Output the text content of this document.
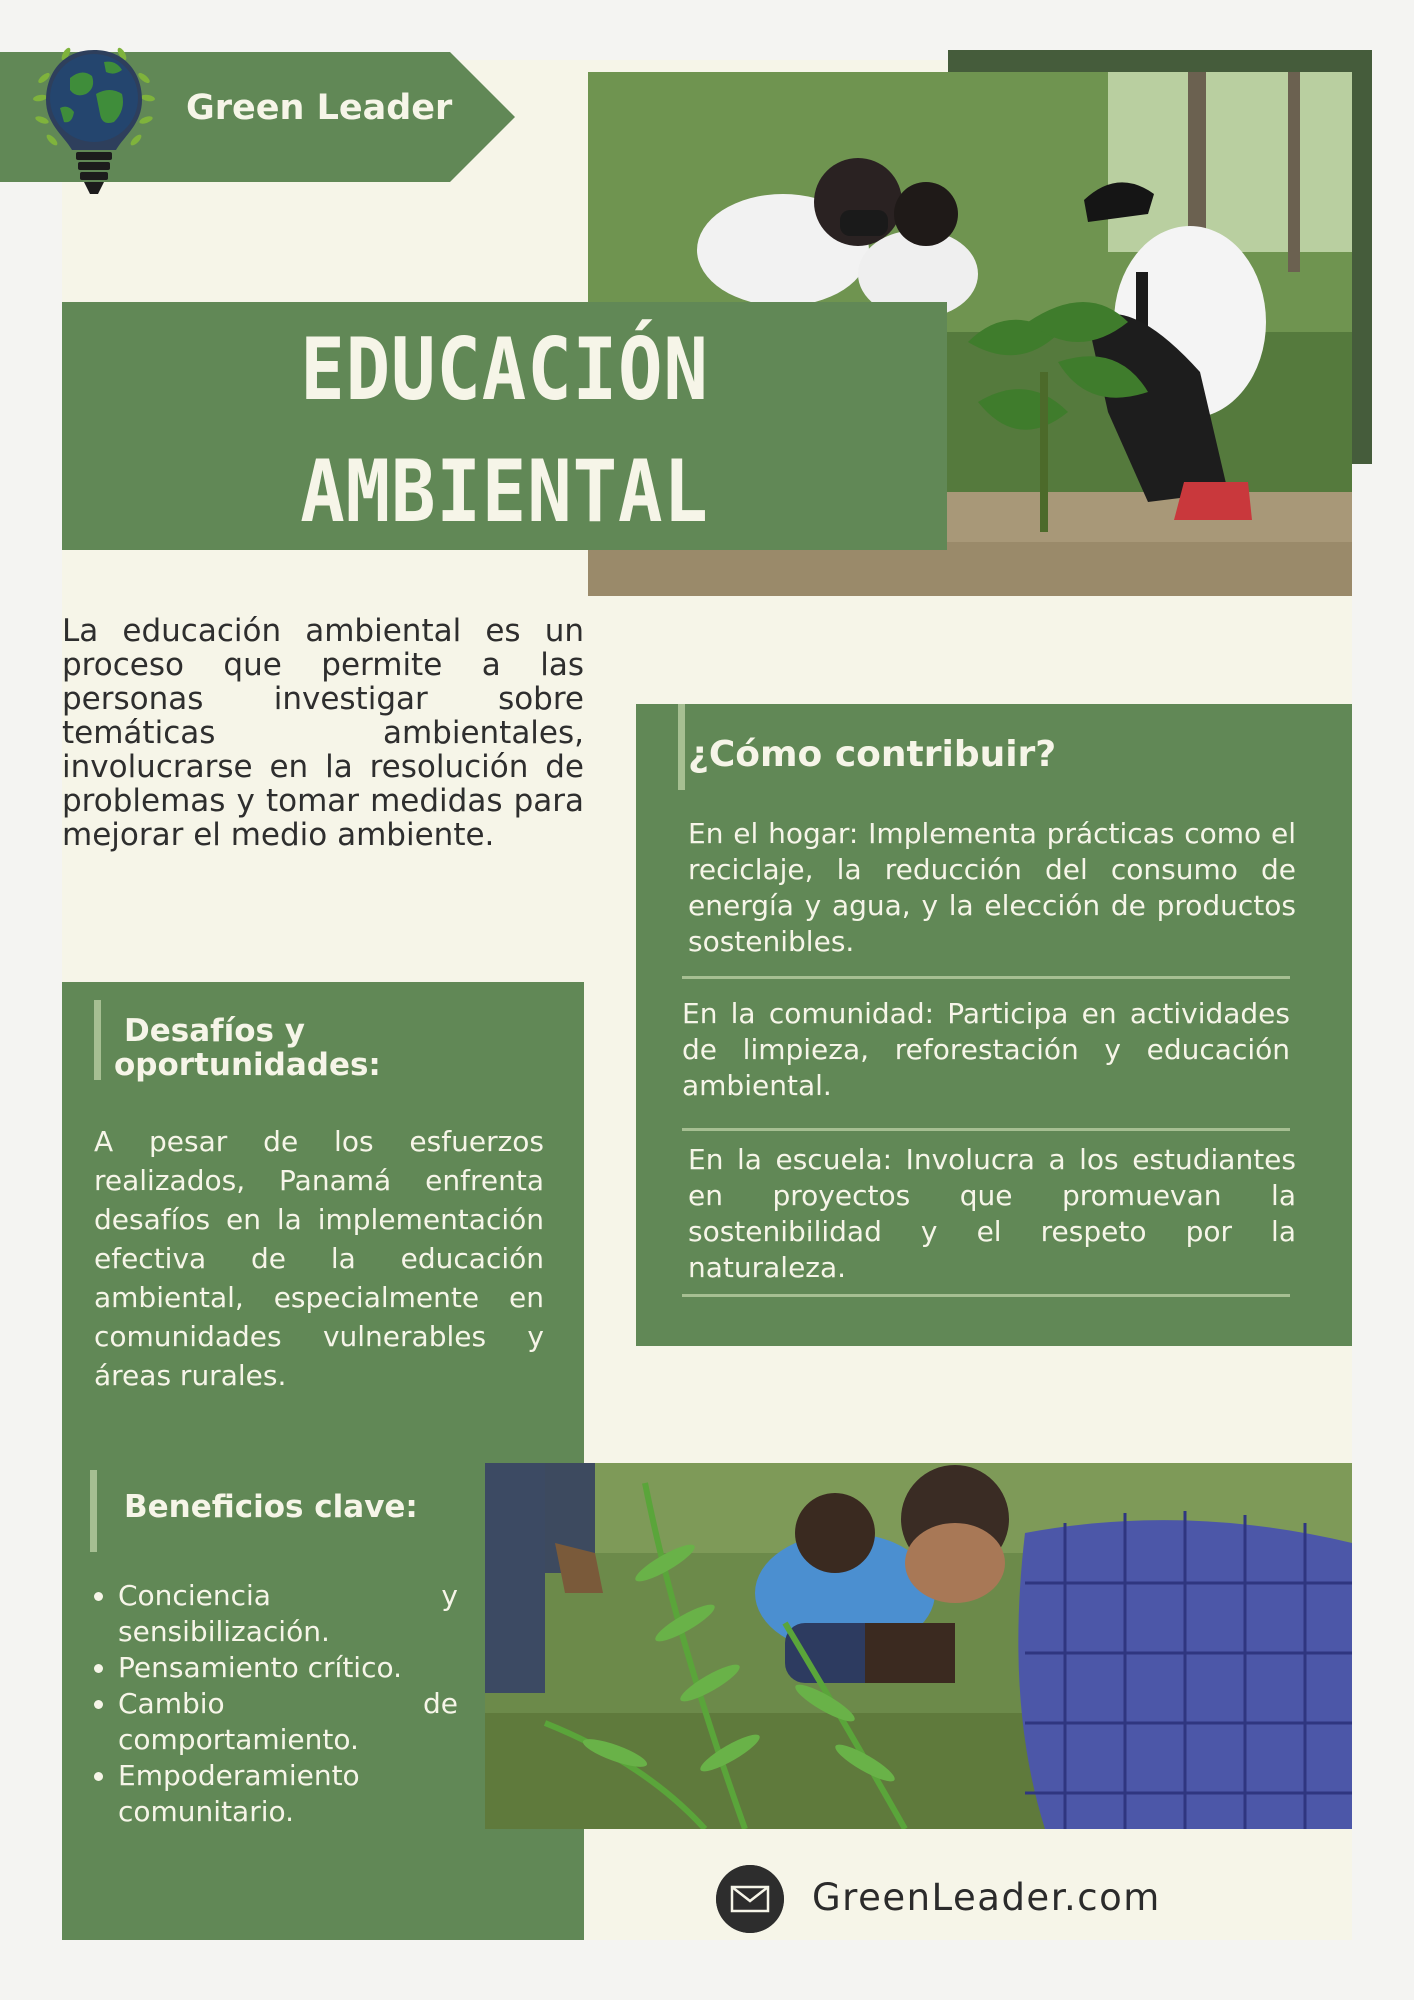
Green Leader
EDUCACIÓN
AMBIENTAL
La educación ambiental es un proceso que permite a las personas investigar sobre temáticas ambientales, involucrarse en la resolución de problemas y tomar medidas para mejorar el medio ambiente.
¿Cómo contribuir?
En el hogar: Implementa prácticas como el reciclaje, la reducción del consumo de energía y agua, y la elección de productos sostenibles.
En la comunidad: Participa en actividades de limpieza, reforestación y educación ambiental.
En la escuela: Involucra a los estudiantes en proyectos que promuevan la sostenibilidad y el respeto por la naturaleza.
Desafíos y
oportunidades:
A pesar de los esfuerzos realizados, Panamá enfrenta desafíos en la implementación efectiva de la educación ambiental, especialmente en comunidades vulnerables y áreas rurales.
Beneficios clave:
• Conciencia y sensibilización.
• Pensamiento crítico.
• Cambio de comportamiento.
• Empoderamiento comunitario.
GreenLeader.com
